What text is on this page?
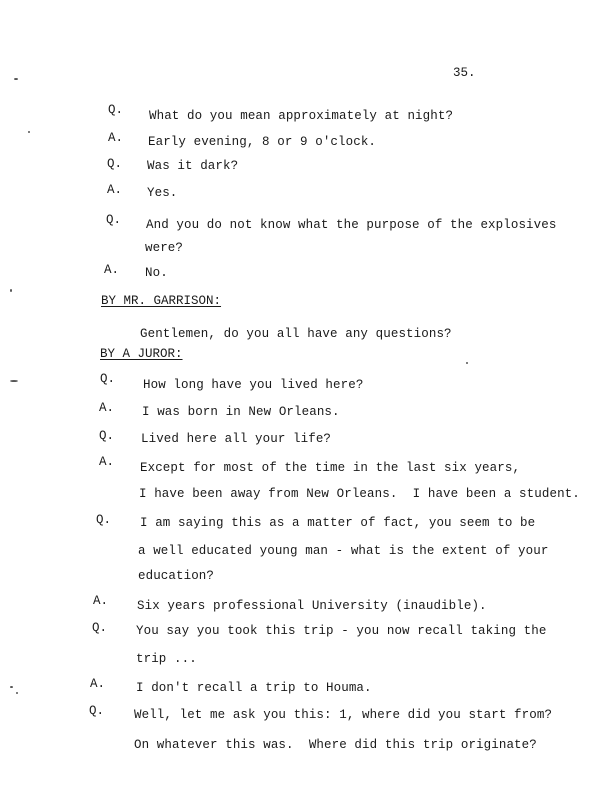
35.
Q.
A.
Q.
A.
Q.
A.
Q.
A.
Q.
A.
Q.
A.
Q.
A.
Q.
What do you mean approximately at night?
Early evening, 8 or 9 o'clock.
Was it dark?
Yes.
And you do not know what the purpose of the explosives
were?
No.
BY MR. GARRISON:
Gentlemen, do you all have any questions?
BY A JUROR:
How long have you lived here?
I was born in New Orleans.
Lived here all your life?
Except for most of the time in the last six years,
I have been away from New Orleans.  I have been a student.
I am saying this as a matter of fact, you seem to be
a well educated young man - what is the extent of your
education?
Six years professional University (inaudible).
You say you took this trip - you now recall taking the
trip ...
I don't recall a trip to Houma.
Well, let me ask you this: 1, where did you start from?
On whatever this was.  Where did this trip originate?
